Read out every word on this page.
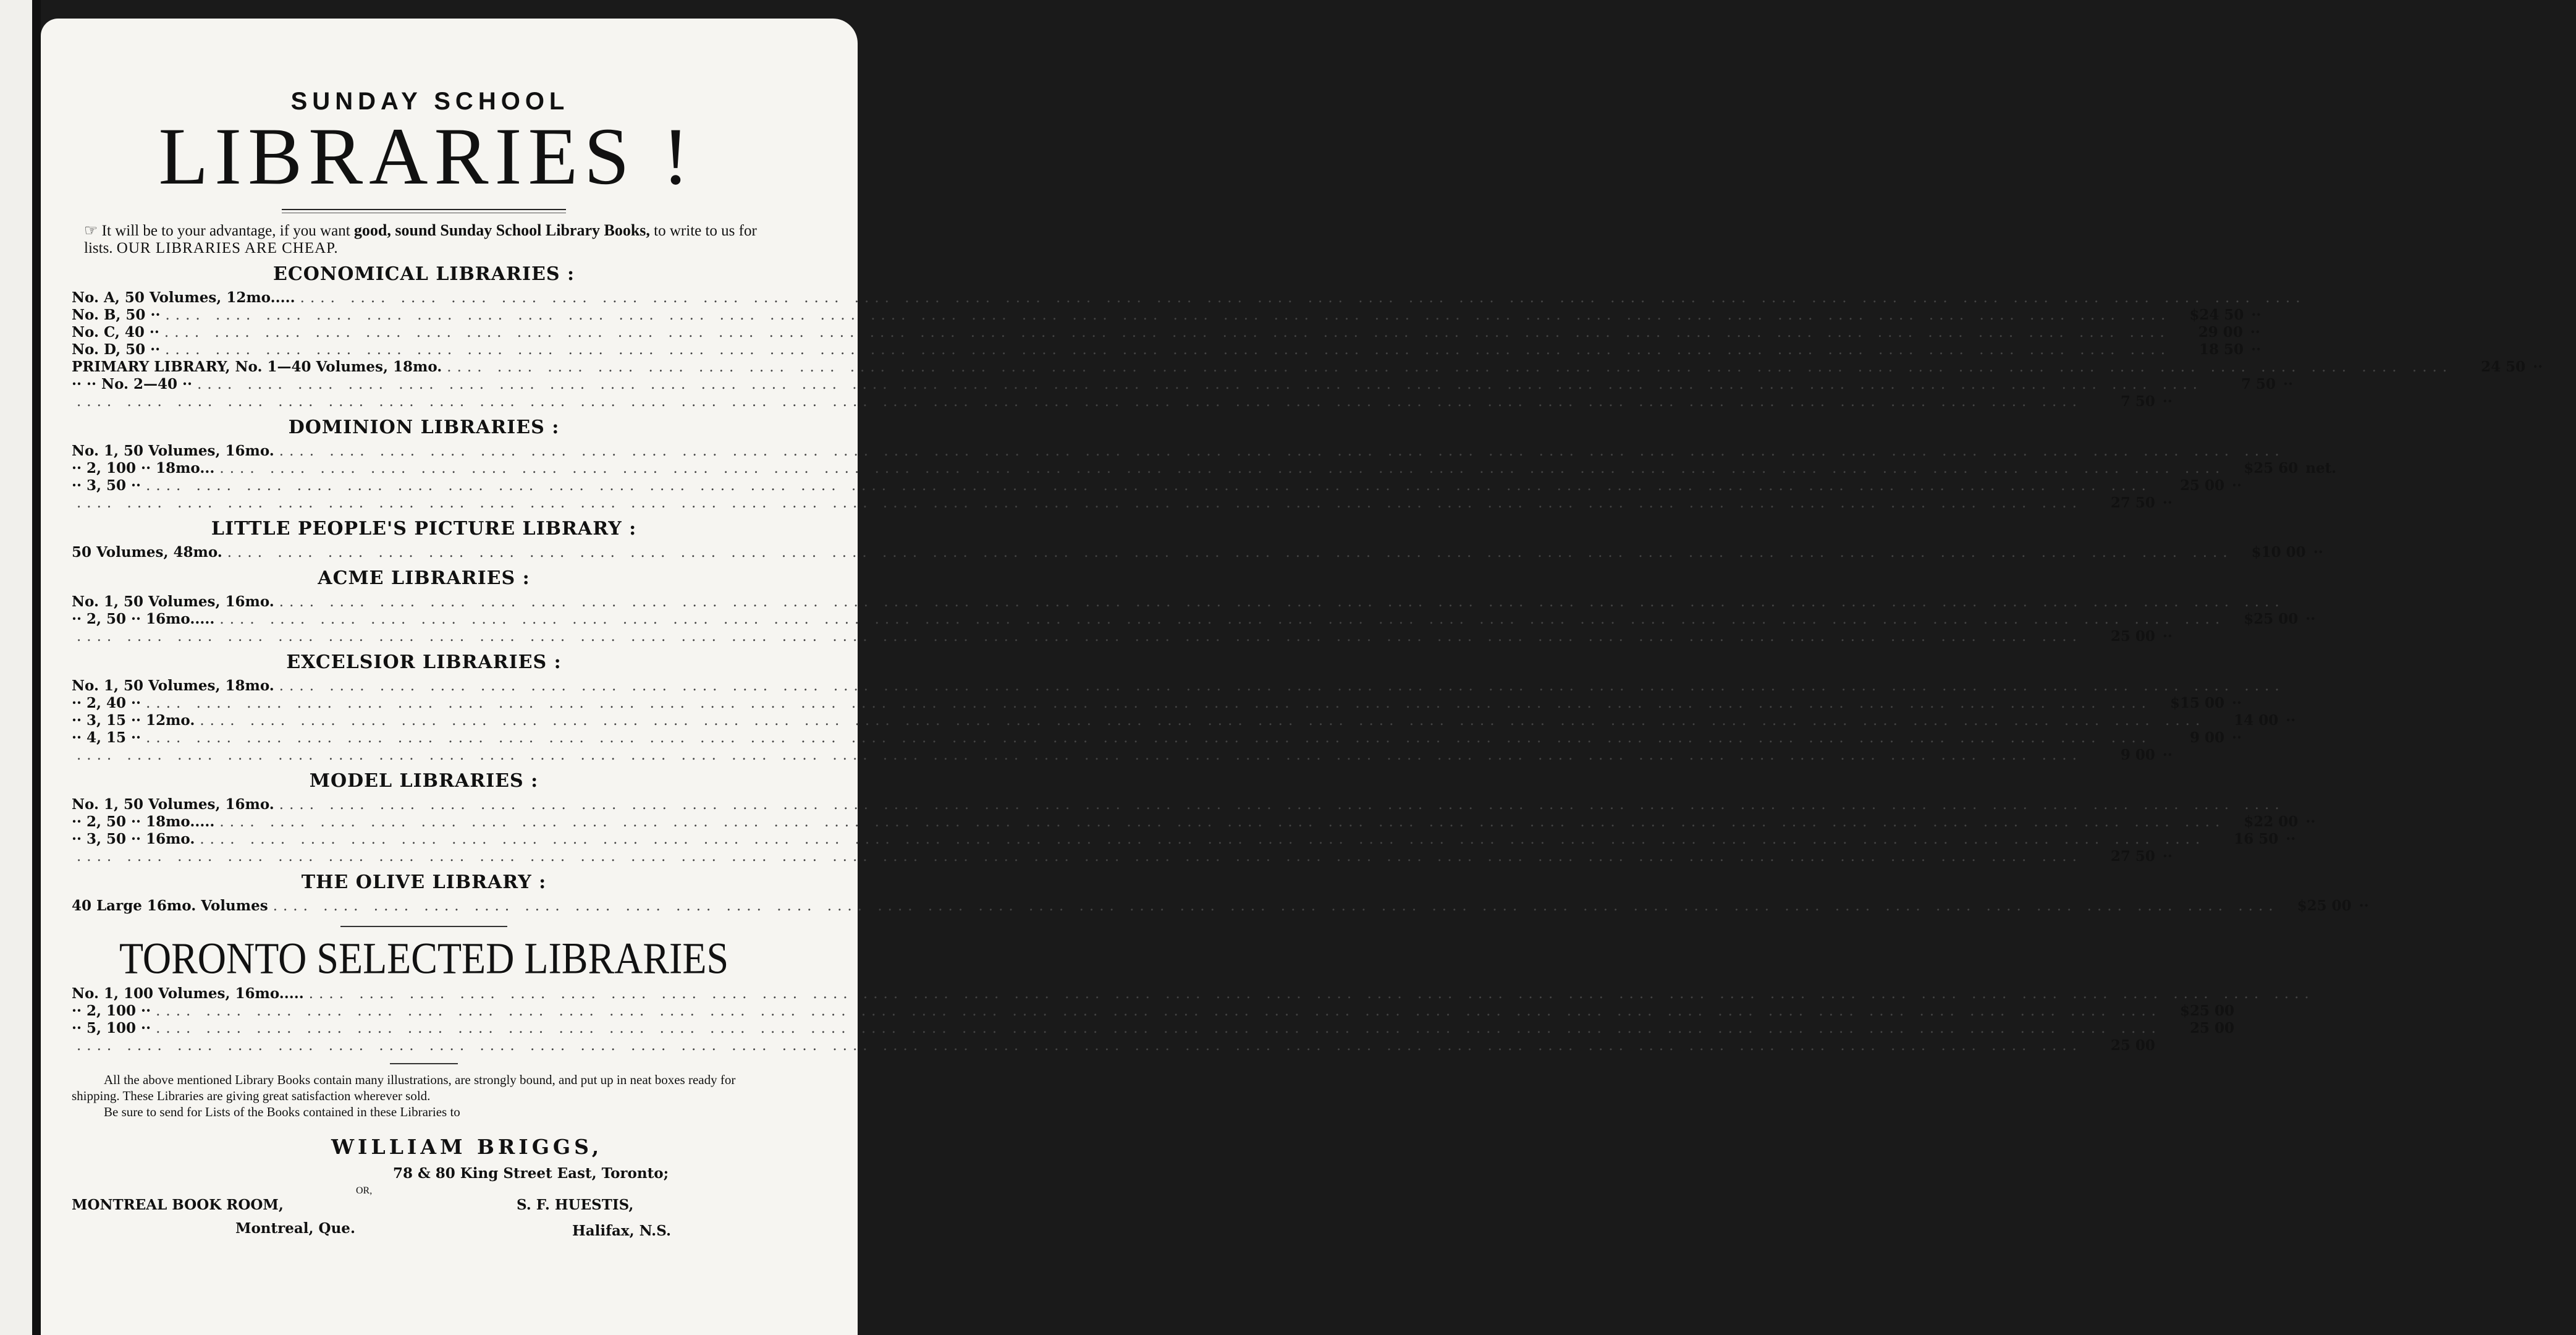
SUNDAY SCHOOL

LIBRARIES !

☞ It will be to your advantage, if you want good, sound Sunday School Library Books, to write to us for lists. OUR LIBRARIES ARE CHEAP.

ECONOMICAL LIBRARIES :
No. A, 50 Volumes, 12mo..... .... .... .... .... .... .... .... .... .... .... .... .... .... .... .... .... .... .... .... .... .... .... .... .... .... .... .... .... .... .... .... .... .... .... .... .... .... .... .... ....
No. B, 50 ·· .... .... .... .... .... .... .... .... .... .... .... .... .... .... .... .... .... .... .... .... .... .... .... .... .... .... .... .... .... .... .... .... .... .... .... .... .... .... .... ....	$24 50 ··
No. C, 40 ·· .... .... .... .... .... .... .... .... .... .... .... .... .... .... .... .... .... .... .... .... .... .... .... .... .... .... .... .... .... .... .... .... .... .... .... .... .... .... .... ....	29 00 ··
No. D, 50 ·· .... .... .... .... .... .... .... .... .... .... .... .... .... .... .... .... .... .... .... .... .... .... .... .... .... .... .... .... .... .... .... .... .... .... .... .... .... .... .... ....	18 50 ··
PRIMARY LIBRARY, No. 1—40 Volumes, 18mo. .... .... .... .... .... .... .... .... .... .... .... .... .... .... .... .... .... .... .... .... .... .... .... .... .... .... .... .... .... .... .... .... .... .... .... .... .... .... .... ....	24 50 ··
·· ·· No. 2—40 ·· .... .... .... .... .... .... .... .... .... .... .... .... .... .... .... .... .... .... .... .... .... .... .... .... .... .... .... .... .... .... .... .... .... .... .... .... .... .... .... ....	7 50 ··
.... .... .... .... .... .... .... .... .... .... .... .... .... .... .... .... .... .... .... .... .... .... .... .... .... .... .... .... .... .... .... .... .... .... .... .... .... .... .... ....	7 50 ··
DOMINION LIBRARIES :
No. 1, 50 Volumes, 16mo. .... .... .... .... .... .... .... .... .... .... .... .... .... .... .... .... .... .... .... .... .... .... .... .... .... .... .... .... .... .... .... .... .... .... .... .... .... .... .... ....
·· 2, 100 ·· 18mo... .... .... .... .... .... .... .... .... .... .... .... .... .... .... .... .... .... .... .... .... .... .... .... .... .... .... .... .... .... .... .... .... .... .... .... .... .... .... .... ....	$25 60 net.
·· 3, 50 ·· .... .... .... .... .... .... .... .... .... .... .... .... .... .... .... .... .... .... .... .... .... .... .... .... .... .... .... .... .... .... .... .... .... .... .... .... .... .... .... ....	25 00 ··
.... .... .... .... .... .... .... .... .... .... .... .... .... .... .... .... .... .... .... .... .... .... .... .... .... .... .... .... .... .... .... .... .... .... .... .... .... .... .... ....	27 50 ··
LITTLE PEOPLE'S PICTURE LIBRARY :
50 Volumes, 48mo. .... .... .... .... .... .... .... .... .... .... .... .... .... .... .... .... .... .... .... .... .... .... .... .... .... .... .... .... .... .... .... .... .... .... .... .... .... .... .... ....	$10 00 ··
ACME LIBRARIES :
No. 1, 50 Volumes, 16mo. .... .... .... .... .... .... .... .... .... .... .... .... .... .... .... .... .... .... .... .... .... .... .... .... .... .... .... .... .... .... .... .... .... .... .... .... .... .... .... ....
·· 2, 50 ·· 16mo..... .... .... .... .... .... .... .... .... .... .... .... .... .... .... .... .... .... .... .... .... .... .... .... .... .... .... .... .... .... .... .... .... .... .... .... .... .... .... .... ....	$25 00 ··
.... .... .... .... .... .... .... .... .... .... .... .... .... .... .... .... .... .... .... .... .... .... .... .... .... .... .... .... .... .... .... .... .... .... .... .... .... .... .... ....	25 00 ··
EXCELSIOR LIBRARIES :
No. 1, 50 Volumes, 18mo. .... .... .... .... .... .... .... .... .... .... .... .... .... .... .... .... .... .... .... .... .... .... .... .... .... .... .... .... .... .... .... .... .... .... .... .... .... .... .... ....
·· 2, 40 ·· .... .... .... .... .... .... .... .... .... .... .... .... .... .... .... .... .... .... .... .... .... .... .... .... .... .... .... .... .... .... .... .... .... .... .... .... .... .... .... ....	$15 00 ··
·· 3, 15 ·· 12mo. .... .... .... .... .... .... .... .... .... .... .... .... .... .... .... .... .... .... .... .... .... .... .... .... .... .... .... .... .... .... .... .... .... .... .... .... .... .... .... ....	14 00 ··
·· 4, 15 ·· .... .... .... .... .... .... .... .... .... .... .... .... .... .... .... .... .... .... .... .... .... .... .... .... .... .... .... .... .... .... .... .... .... .... .... .... .... .... .... ....	9 00 ··
.... .... .... .... .... .... .... .... .... .... .... .... .... .... .... .... .... .... .... .... .... .... .... .... .... .... .... .... .... .... .... .... .... .... .... .... .... .... .... ....	9 00 ··
MODEL LIBRARIES :
No. 1, 50 Volumes, 16mo. .... .... .... .... .... .... .... .... .... .... .... .... .... .... .... .... .... .... .... .... .... .... .... .... .... .... .... .... .... .... .... .... .... .... .... .... .... .... .... ....
·· 2, 50 ·· 18mo..... .... .... .... .... .... .... .... .... .... .... .... .... .... .... .... .... .... .... .... .... .... .... .... .... .... .... .... .... .... .... .... .... .... .... .... .... .... .... .... ....	$22 00 ··
·· 3, 50 ·· 16mo. .... .... .... .... .... .... .... .... .... .... .... .... .... .... .... .... .... .... .... .... .... .... .... .... .... .... .... .... .... .... .... .... .... .... .... .... .... .... .... ....	16 50 ··
.... .... .... .... .... .... .... .... .... .... .... .... .... .... .... .... .... .... .... .... .... .... .... .... .... .... .... .... .... .... .... .... .... .... .... .... .... .... .... ....	27 50 ··
THE OLIVE LIBRARY :
40 Large 16mo. Volumes .... .... .... .... .... .... .... .... .... .... .... .... .... .... .... .... .... .... .... .... .... .... .... .... .... .... .... .... .... .... .... .... .... .... .... .... .... .... .... ....	$25 00 ··

TORONTO SELECTED LIBRARIES

No. 1, 100 Volumes, 16mo..... .... .... .... .... .... .... .... .... .... .... .... .... .... .... .... .... .... .... .... .... .... .... .... .... .... .... .... .... .... .... .... .... .... .... .... .... .... .... .... ....
·· 2, 100 ·· .... .... .... .... .... .... .... .... .... .... .... .... .... .... .... .... .... .... .... .... .... .... .... .... .... .... .... .... .... .... .... .... .... .... .... .... .... .... .... ....	$25 00
·· 5, 100 ·· .... .... .... .... .... .... .... .... .... .... .... .... .... .... .... .... .... .... .... .... .... .... .... .... .... .... .... .... .... .... .... .... .... .... .... .... .... .... .... ....	25 00
.... .... .... .... .... .... .... .... .... .... .... .... .... .... .... .... .... .... .... .... .... .... .... .... .... .... .... .... .... .... .... .... .... .... .... .... .... .... .... ....	25 00

All the above mentioned Library Books contain many illustrations, are strongly bound, and put up in neat boxes ready for shipping. These Libraries are giving great satisfaction wherever sold.

Be sure to send for Lists of the Books contained in these Libraries to

WILLIAM BRIGGS,
78 & 80 King Street East, Toronto;
OR,
MONTREAL BOOK ROOM,
Montreal, Que.
S. F. HUESTIS,
Halifax, N.S.
